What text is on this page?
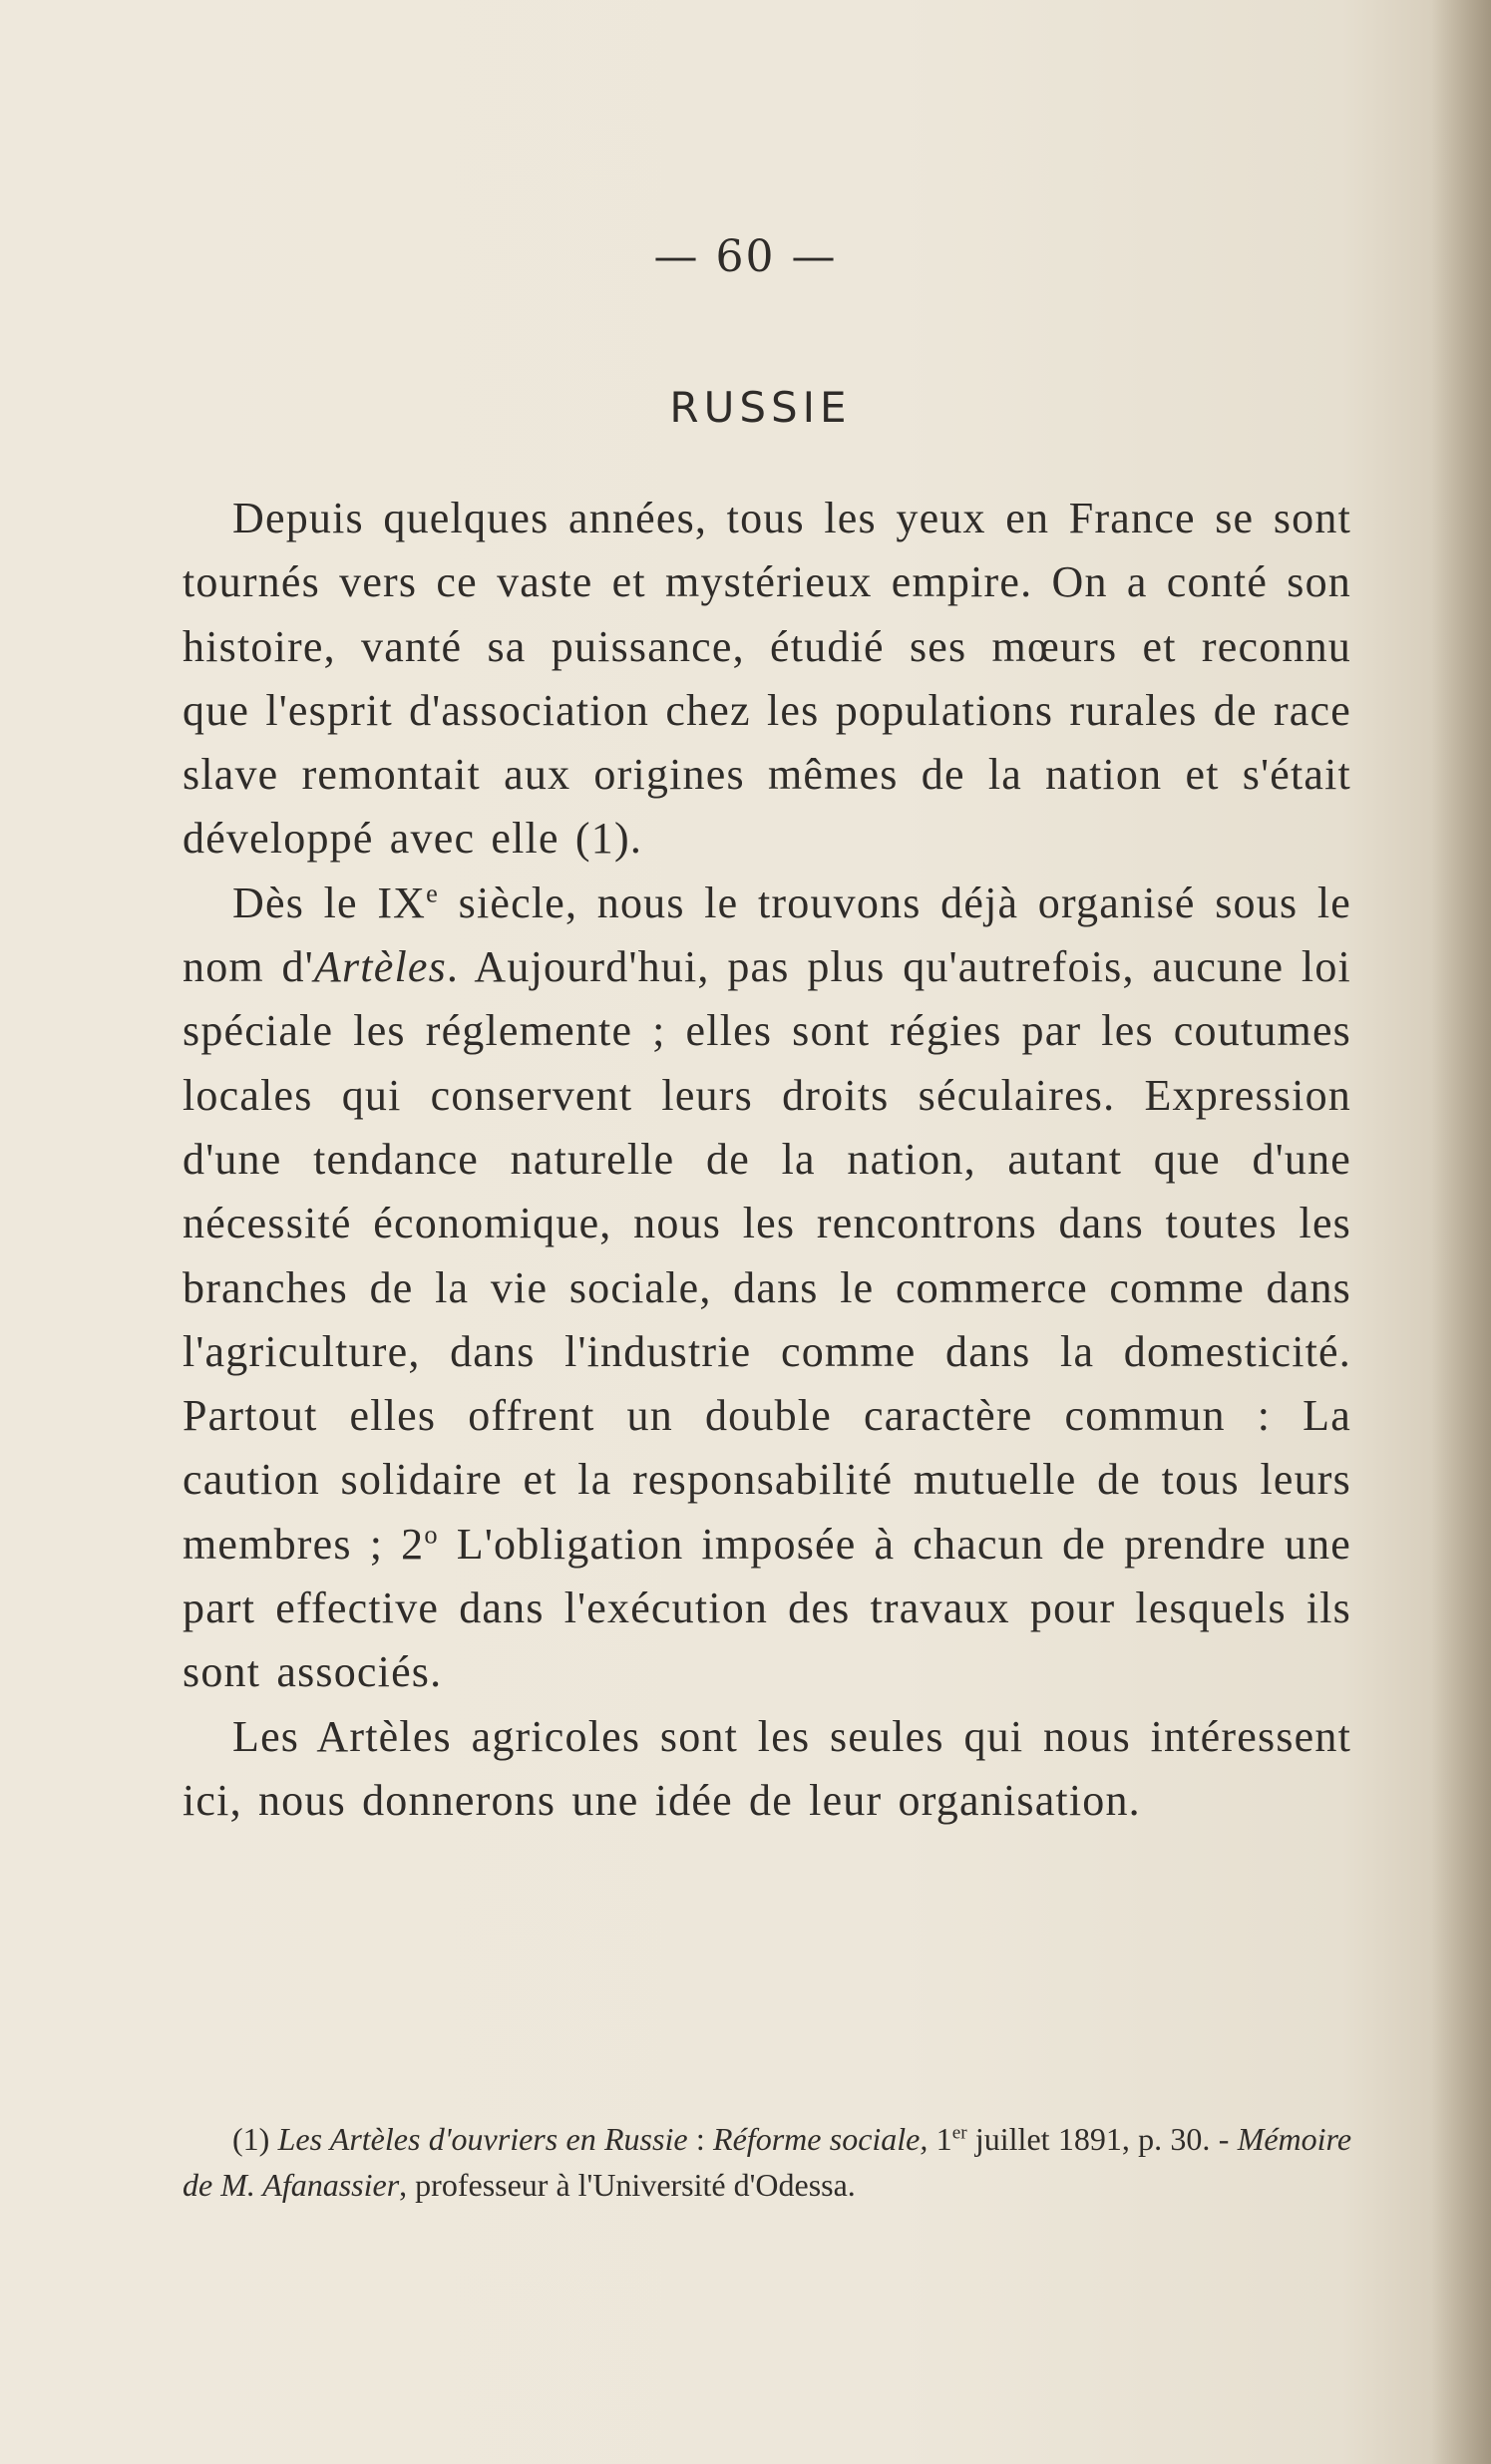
— 60 —
RUSSIE

Depuis quelques années, tous les yeux en France se sont tournés vers ce vaste et mystérieux empire. On a conté son histoire, vanté sa puissance, étudié ses mœurs et reconnu que l'esprit d'association chez les populations rurales de race slave remontait aux origines mêmes de la nation et s'était développé avec elle (1).

Dès le IXe siècle, nous le trouvons déjà organisé sous le nom d'Artèles. Aujourd'hui, pas plus qu'autrefois, aucune loi spéciale les réglemente ; elles sont régies par les coutumes locales qui conservent leurs droits séculaires. Expression d'une tendance naturelle de la nation, autant que d'une nécessité économique, nous les rencontrons dans toutes les branches de la vie sociale, dans le commerce comme dans l'agriculture, dans l'industrie comme dans la domesticité. Partout elles offrent un double caractère commun : La caution solidaire et la responsabilité mutuelle de tous leurs membres ; 2$^o$ L'obligation imposée à chacun de prendre une part effective dans l'exécution des travaux pour lesquels ils sont associés.

Les Artèles agricoles sont les seules qui nous intéressent ici, nous donnerons une idée de leur organisation.

(1) Les Artèles d'ouvriers en Russie : Réforme sociale, 1er juillet 1891, p. 30. - Mémoire de M. Afanassier, professeur à l'Université d'Odessa.
